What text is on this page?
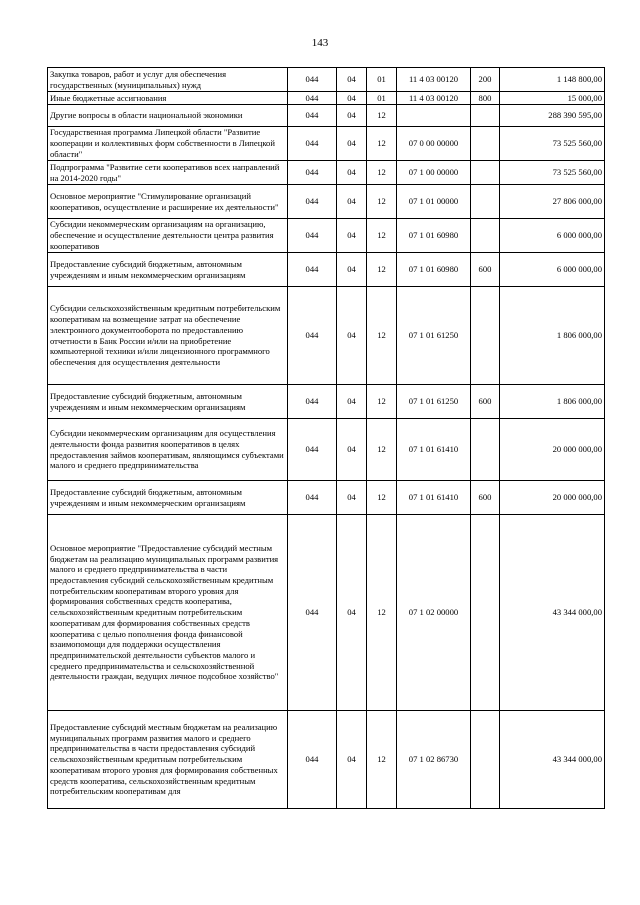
143
Закупка товаров, работ и услуг для обеспечения государственных (муниципальных) нужд	044	04	01	11 4 03 00120	200	1 148 800,00
Иные бюджетные ассигнования	044	04	01	11 4 03 00120	800	15 000,00
Другие вопросы в области национальной экономики	044	04	12			288 390 595,00
Государственная программа Липецкой области "Развитие кооперации и коллективных форм собственности в Липецкой области"	044	04	12	07 0 00 00000		73 525 560,00
Подпрограмма "Развитие сети кооперативов всех направлений на 2014-2020 годы"	044	04	12	07 1 00 00000		73 525 560,00
Основное мероприятие "Стимулирование организаций кооперативов, осуществление и расширение их деятельности"	044	04	12	07 1 01 00000		27 806 000,00
Субсидии некоммерческим организациям на организацию, обеспечение и осуществление деятельности центра развития кооперативов	044	04	12	07 1 01 60980		6 000 000,00
Предоставление субсидий бюджетным, автономным учреждениям и иным некоммерческим организациям	044	04	12	07 1 01 60980	600	6 000 000,00
Субсидии сельскохозяйственным кредитным потребительским кооперативам на возмещение затрат на обеспечение электронного документооборота по предоставлению отчетности в Банк России и/или на приобретение компьютерной техники и/или лицензионного программного обеспечения для осуществления деятельности	044	04	12	07 1 01 61250		1 806 000,00
Предоставление субсидий бюджетным, автономным учреждениям и иным некоммерческим организациям	044	04	12	07 1 01 61250	600	1 806 000,00
Субсидии некоммерческим организациям для осуществления деятельности фонда развития кооперативов в целях предоставления займов кооперативам, являющимся субъектами малого и среднего предпринимательства	044	04	12	07 1 01 61410		20 000 000,00
Предоставление субсидий бюджетным, автономным учреждениям и иным некоммерческим организациям	044	04	12	07 1 01 61410	600	20 000 000,00
Основное мероприятие "Предоставление субсидий местным бюджетам на реализацию муниципальных программ развития малого и среднего предпринимательства в части предоставления субсидий сельскохозяйственным кредитным потребительским кооперативам второго уровня для формирования собственных средств кооператива, сельскохозяйственным кредитным потребительским кооперативам для формирования собственных средств кооператива с целью пополнения фонда финансовой взаимопомощи для поддержки осуществления предпринимательской деятельности субъектов малого и среднего предпринимательства и сельскохозяйственной деятельности граждан, ведущих личное подсобное хозяйство"	044	04	12	07 1 02 00000		43 344 000,00
Предоставление субсидий местным бюджетам на реализацию муниципальных программ развития малого и среднего предпринимательства в части предоставления субсидий сельскохозяйственным кредитным потребительским кооперативам второго уровня для формирования собственных средств кооператива, сельскохозяйственным кредитным потребительским кооперативам для	044	04	12	07 1 02 86730		43 344 000,00
